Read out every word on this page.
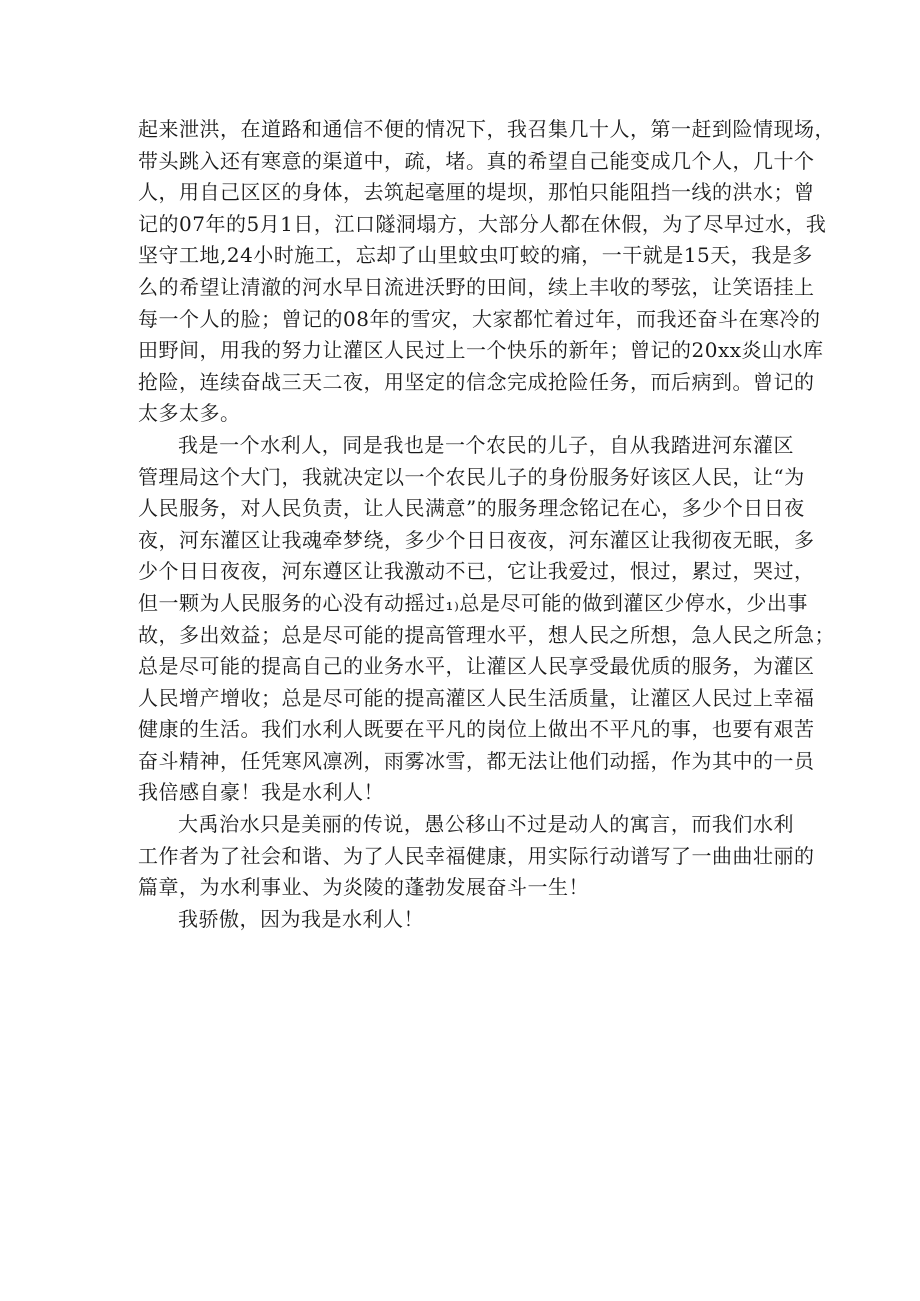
起来泄洪，在道路和通信不便的情况下，我召集几十人，第一赶到险情现场，
带头跳入还有寒意的渠道中，疏，堵。真的希望自己能变成几个人，几十个
人，用自己区区的身体，去筑起毫厘的堤坝，那怕只能阻挡一线的洪水；曾
记的07年的5月1日，江口隧洞塌方，大部分人都在休假，为了尽早过水，我
坚守工地,24小时施工，忘却了山里蚊虫叮蛟的痛，一干就是15天，我是多
么的希望让清澈的河水早日流进沃野的田间，续上丰收的琴弦，让笑语挂上
每一个人的脸；曾记的08年的雪灾，大家都忙着过年，而我还奋斗在寒冷的
田野间，用我的努力让灌区人民过上一个快乐的新年；曾记的20xx炎山水库
抢险，连续奋战三天二夜，用坚定的信念完成抢险任务，而后病到。曾记的
太多太多。
我是一个水利人，同是我也是一个农民的儿子，自从我踏进河东灌区
管理局这个大门，我就决定以一个农民儿子的身份服务好该区人民，让“为
人民服务，对人民负责，让人民满意”的服务理念铭记在心，多少个日日夜
夜，河东灌区让我魂牵梦绕，多少个日日夜夜，河东灌区让我彻夜无眠，多
少个日日夜夜，河东遵区让我激动不已，它让我爱过，恨过，累过，哭过，
但一颗为人民服务的心没有动摇过₁₎总是尽可能的做到灌区少停水，少出事
故，多出效益；总是尽可能的提高管理水平，想人民之所想，急人民之所急；
总是尽可能的提高自己的业务水平，让灌区人民享受最优质的服务，为灌区
人民增产增收；总是尽可能的提高灌区人民生活质量，让灌区人民过上幸福
健康的生活。我们水利人既要在平凡的岗位上做出不平凡的事，也要有艰苦
奋斗精神，任凭寒风凛冽，雨雾冰雪，都无法让他们动摇，作为其中的一员
我倍感自豪！我是水利人！
大禹治水只是美丽的传说，愚公移山不过是动人的寓言，而我们水利
工作者为了社会和谐、为了人民幸福健康，用实际行动谱写了一曲曲壮丽的
篇章，为水利事业、为炎陵的蓬勃发展奋斗一生！
我骄傲，因为我是水利人！
